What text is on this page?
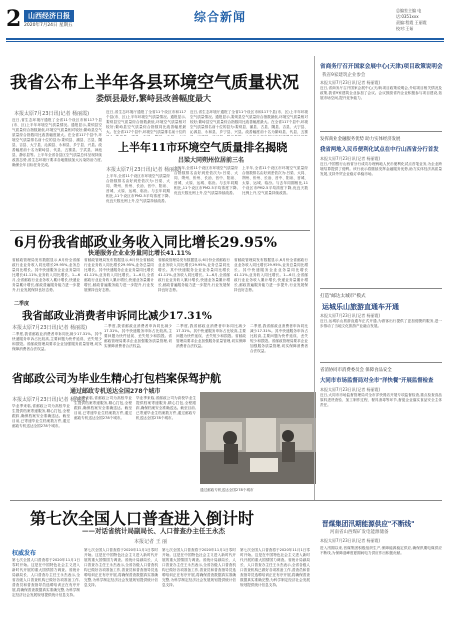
2 山西经济日报
2020年7月24日 星期五
综合新闻	总编室主编 电话:0351xxx
责编:程霞 王丽霞
校对:王茹
我省公布上半年各县环境空气质量状况
娄烦县最好,繁峙县改善幅度最大
本报太原7月23日讯(记者 杨丽霞)
近日,省生态环境厅通报了全省11个设区市和117个县(市、区)上半年环境空气质量情况。通报显示,娄烦县空气质量综合指数最低,环境空气质量相对较好;繁峙县空气质量综合指数同比改善幅度最大。在全省117个县中,环境空气质量排名前十位的县为:娄烦县、蒲县、古县、隰县、吉县、大宁县、沁源县、永和县、乡宁县、兴县。改善幅度前十名为繁峙县、代县、五寨县、宁武县、神池县、静乐县等。上半年全省各县区空气质量总体呈现持续改善态势,省生态环境厅要求各地继续加大污染防治力度,确保全年目标任务完成。
近日,省生态环境厅通报了全省11个设区市和117个县(市、区)上半年环境空气质量情况。通报显示,娄烦县空气质量综合指数最低,环境空气质量相对较好;繁峙县空气质量综合指数同比改善幅度最大。在全省117个县中,环境空气质量排名前十位的
近日,省生态环境厅通报了全省11个设区市和117个县(市、区)上半年环境空气质量情况。通报显示,娄烦县空气质量综合指数最低,环境空气质量相对较好;繁峙县空气质量综合指数同比改善幅度最大。在全省117个县中,环境空气质量排名前十位的县为:娄烦县、蒲县、古县、隰县、吉县、大宁县、沁源县、永和县、乡宁县、兴县。改善幅度前十名为繁峙县、代县、五寨
上半年11市环境空气质量排名揭晓
吕梁大同朔州位居前三名
本报太原7月23日讯(记者 杨丽霞)
上半年,全省11个设区市环境空气质量综合指数排名由好到差依次为:吕梁、大同、朔州、忻州、长治、晋中、阳泉、晋城、太原、运城、临汾。与去年同期相比,11个设区市PM2.5平均浓度下降,优良天数比例上升,空气质量持续改善。
上半年,全省11个设区市环境空气质量综合指数排名由好到差依次为:吕梁、大同、朔州、忻州、长治、晋中、阳泉、晋城、太原、运城、临汾。与去年同期相比,11个设区市PM2.5平均浓度下降,优良天数比例上升,空气质量持续改善。
上半年,全省11个设区市环境空气质量综合指数排名由好到差依次为:吕梁、大同、朔州、忻州、长治、晋中、阳泉、晋城、太原、运城、临汾。与去年同期相比,11个设区市PM2.5平均浓度下降,优良天数比例上升,空气质量持续改善。
6月份我省邮政业务收入同比增长29.95%
快递服务企业业务量同比增长41.11%
省邮政管理局发布数据显示,6月份全省邮政行业业务收入同比增长29.95%,业务总量同比增长。其中快递服务企业业务量同比增长41.11%,业务收入同比增长。1—6月,全省邮政行业业务收入累计增长,快递业务量累计增长,邮政普遍服务能力进一步提升,行业发展保持良好态势。
省邮政管理局发布数据显示,6月份全省邮政行业业务收入同比增长29.95%,业务总量同比增长。其中快递服务企业业务量同比增长41.11%,业务收入同比增长。1—6月,全省邮政行业业务收入累计增长,快递业务量累计增长,邮政普遍服务能力进一步提升,行业发展保持良好态势。
省邮政管理局发布数据显示,6月份全省邮政行业业务收入同比增长29.95%,业务总量同比增长。其中快递服务企业业务量同比增长41.11%,业务收入同比增长。1—6月,全省邮政行业业务收入累计增长,快递业务量累计增长,邮政普遍服务能力进一步提升,行业发展保持良好态势。
省邮政管理局发布数据显示,6月份全省邮政行业业务收入同比增长29.95%,业务总量同比增长。其中快递服务企业业务量同比增长41.11%,业务收入同比增长。1—6月,全省邮政行业业务收入累计增长,快递业务量累计增长,邮政普遍服务能力进一步提升,行业发展保持良好态势。
二季度
我省邮政业消费者申诉同比减少17.31%
本报太原7月23日讯(记者 杨丽霞)
二季度,我省邮政业消费者申诉同比减少17.31%。其中快递服务申诉占比较高,主要问题为快件延误、丢失短少和损毁。省邮政管理局要求企业加强服务质量管理,切实保障消费者合法权益。
二季度,我省邮政业消费者申诉同比减少17.31%。其中快递服务申诉占比较高,主要问题为快件延误、丢失短少和损毁。省邮政管理局要求企业加强服务质量管理,切实保障消费者合法权益。
二季度,我省邮政业消费者申诉同比减少17.31%。其中快递服务申诉占比较高,主要问题为快件延误、丢失短少和损毁。省邮政管理局要求企业加强服务质量管理,切实保障消费者合法权益。
二季度,我省邮政业消费者申诉同比减少17.31%。其中快递服务申诉占比较高,主要问题为快件延误、丢失短少和损毁。省邮政管理局要求企业加强服务质量管理,切实保障消费者合法权益。
省邮政公司为毕业生精心打包档案保驾护航
通过邮政专机送达全国278个城市
本报太原7月23日讯(记者 杨丽霞)
毕业季来临,省邮政公司为高校毕业生提供档案寄递服务,精心打包,全程跟踪,确保档案安全准确送达。截至目前,已寄递毕业生档案数万件,通过邮政专机送达全国278个城市。
毕业季来临,省邮政公司为高校毕业生提供档案寄递服务,精心打包,全程跟踪,确保档案安全准确送达。截至目前,已寄递毕业生档案数万件,通过邮政专机送达全国278个城市。
毕业季来临,省邮政公司为高校毕业生提供档案寄递服务,精心打包,全程跟踪,确保档案安全准确送达。截至目前,已寄递毕业生档案数万件,通过邮政专机送达全国278个城市。
通过邮政专机送达全国278个城市
第七次全国人口普查进入倒计时
——对话省统计局副局长、人口普查办主任王永杰
本报记者 王 丽
权威发布
第七次全国人口普查将于2020年11月1日零时开始。这是在中国特色社会主义进入新时代开展的重大国情国力调查。省统计局副局长、人口普查办主任王永杰表示,全省各级人口普查机构已做好各项准备工作,普查员和普查指导员选聘培训正在有序开展,将确保普查数据真实准确完整,为科学制定经济社会发展规划提供统计信息支持。
第七次全国人口普查将于2020年11月1日零时开始。这是在中国特色社会主义进入新时代开展的重大国情国力调查。省统计局副局长、人口普查办主任王永杰表示,全省各级人口普查机构已做好各项准备工作,普查员和普查指导员选聘培训正在有序开展,将确保普查数据真实准确完整,为科学制定经济社会发展规划提供统计信息支持。
第七次全国人口普查将于2020年11月1日零时开始。这是在中国特色社会主义进入新时代开展的重大国情国力调查。省统计局副局长、人口普查办主任王永杰表示,全省各级人口普查机构已做好各项准备工作,普查员和普查指导员选聘培训正在有序开展,将确保普查数据真实准确完整,为科学制定经济社会发展规划提供统计信息支持。
第七次全国人口普查将于2020年11月1日零时开始。这是在中国特色社会主义进入新时代开展的重大国情国力调查。省统计局副局长、人口普查办主任王永杰表示,全省各级人口普查机构已做好各项准备工作,普查员和普查指导员选聘培训正在有序开展,将确保普查数据真实准确完整,为科学制定经济社会发展规划提供统计信息支持。
省商务厅召开国家会展中心(天津)项目政策说明会
我省9家建筑企业参会
本报太原7月23日讯(记者 杨丽霞)
近日,省商务厅召开国家会展中心(天津)项目政策说明会,介绍项目相关情况及政策,我省9家建筑企业参加了会议。会议鼓励省内企业积极参与项目建设,拓展市场空间,提升竞争能力。
发挥商业金融服务优势 助力实体经济发展
我省两地入民币便利化试点在中行山西省分行首发
本报太原7月23日讯(记者 杨丽霞)
近日,中国银行山西省分行成功办理两地人民币便利化试点首笔业务,为企业跨境结算提供了便利。该行表示将继续发挥金融服务优势,助力实体经济高质量发展,支持外贸企业稳订单稳市场。
打造"邮达太城市"模式
运城乐山旅游直通车开通
本报太原7月23日讯(记者 杨丽霞)
近日,运城乐山旅游直通车正式开通,为游客出行提供了更加便捷的服务,进一步推动了当地文化旅游产业融合发展。
省消协同市消费委员会 保障食品安全
大同市市场监督局对全市"洋快餐"开展监督检查
本报太原7月23日讯(记者 杨丽霞)
近日,大同市市场监督管理局对全市洋快餐店开展专项监督检查,重点检查食品原料进货查验、加工制作过程、餐具消毒等环节,督促企业落实食品安全主体责任。
晋煤集团汛期能源供应"不断线"
河南省山西煤矿发电能源储备
本报太原7月23日讯(记者 杨丽霞)
进入汛期以来,晋煤集团积极组织生产,保障能源稳定供应,确保汛期电煤供应不断线,为保障迎峰度夏期间电力供应作出积极贡献。
